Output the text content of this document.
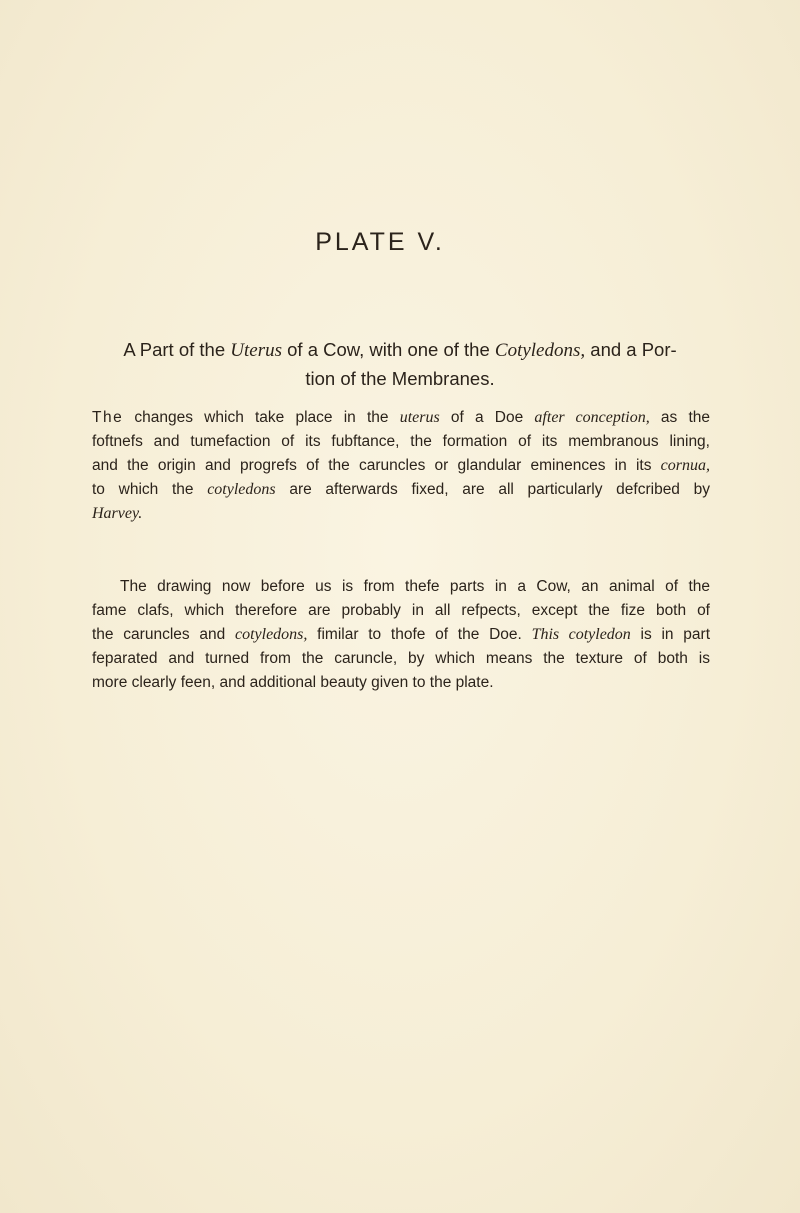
PLATE V.
A Part of the Uterus of a Cow, with one of the Cotyledons, and a Por-
tion of the Membranes.
The changes which take place in the uterus of a Doe after conception, as the
foftnefs and tumefaction of its fubftance, the formation of its membranous lining,
and the origin and progrefs of the caruncles or glandular eminences in its cornua,
to which the cotyledons are afterwards fixed, are all particularly defcribed by
Harvey.
The drawing now before us is from thefe parts in a Cow, an animal of the
fame clafs, which therefore are probably in all refpects, except the fize both of
the caruncles and cotyledons, fimilar to thofe of the Doe. This cotyledon is in part
feparated and turned from the caruncle, by which means the texture of both is
more clearly feen, and additional beauty given to the plate.
